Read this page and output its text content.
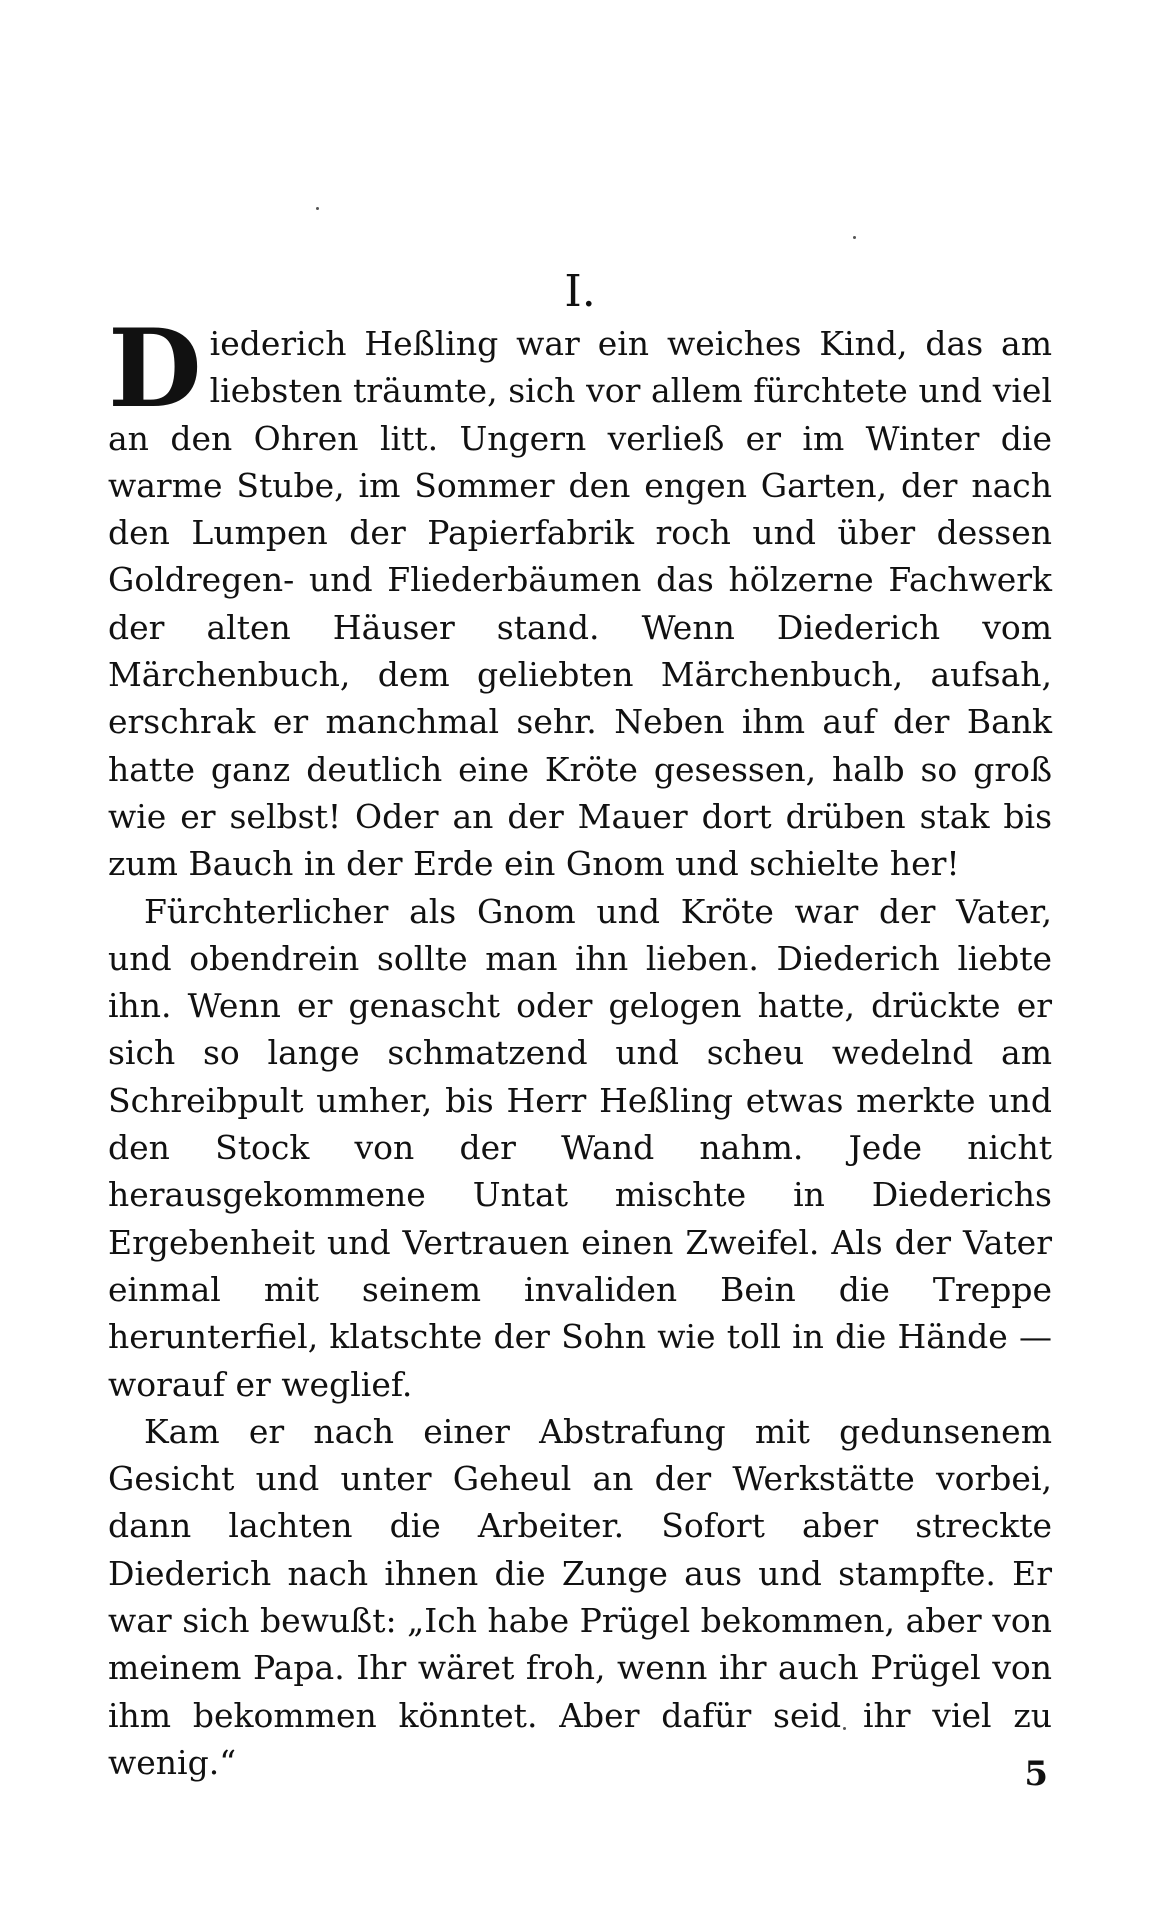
I.

Diederich Heßling war ein weiches Kind, das am liebsten träumte, sich vor allem fürchtete und viel an den Ohren litt. Ungern verließ er im Winter die warme Stube, im Sommer den engen Garten, der nach den Lumpen der Papierfabrik roch und über dessen Goldregen- und Fliederbäumen das hölzerne Fachwerk der alten Häuser stand. Wenn Diederich vom Märchenbuch, dem geliebten Märchenbuch, aufsah, erschrak er manchmal sehr. Neben ihm auf der Bank hatte ganz deutlich eine Kröte gesessen, halb so groß wie er selbst! Oder an der Mauer dort drüben stak bis zum Bauch in der Erde ein Gnom und schielte her!

Fürchterlicher als Gnom und Kröte war der Vater, und obendrein sollte man ihn lieben. Diederich liebte ihn. Wenn er genascht oder gelogen hatte, drückte er sich so lange schmatzend und scheu wedelnd am Schreibpult umher, bis Herr Heßling etwas merkte und den Stock von der Wand nahm. Jede nicht herausgekommene Untat mischte in Diederichs Ergebenheit und Vertrauen einen Zweifel. Als der Vater einmal mit seinem invaliden Bein die Treppe herunterfiel, klatschte der Sohn wie toll in die Hände — worauf er weglief.

Kam er nach einer Abstrafung mit gedunsenem Gesicht und unter Geheul an der Werkstätte vorbei, dann lachten die Arbeiter. Sofort aber streckte Diederich nach ihnen die Zunge aus und stampfte. Er war sich bewußt: „Ich habe Prügel bekommen, aber von meinem Papa. Ihr wäret froh, wenn ihr auch Prügel von ihm bekommen könntet. Aber dafür seid ihr viel zu wenig.“	5
